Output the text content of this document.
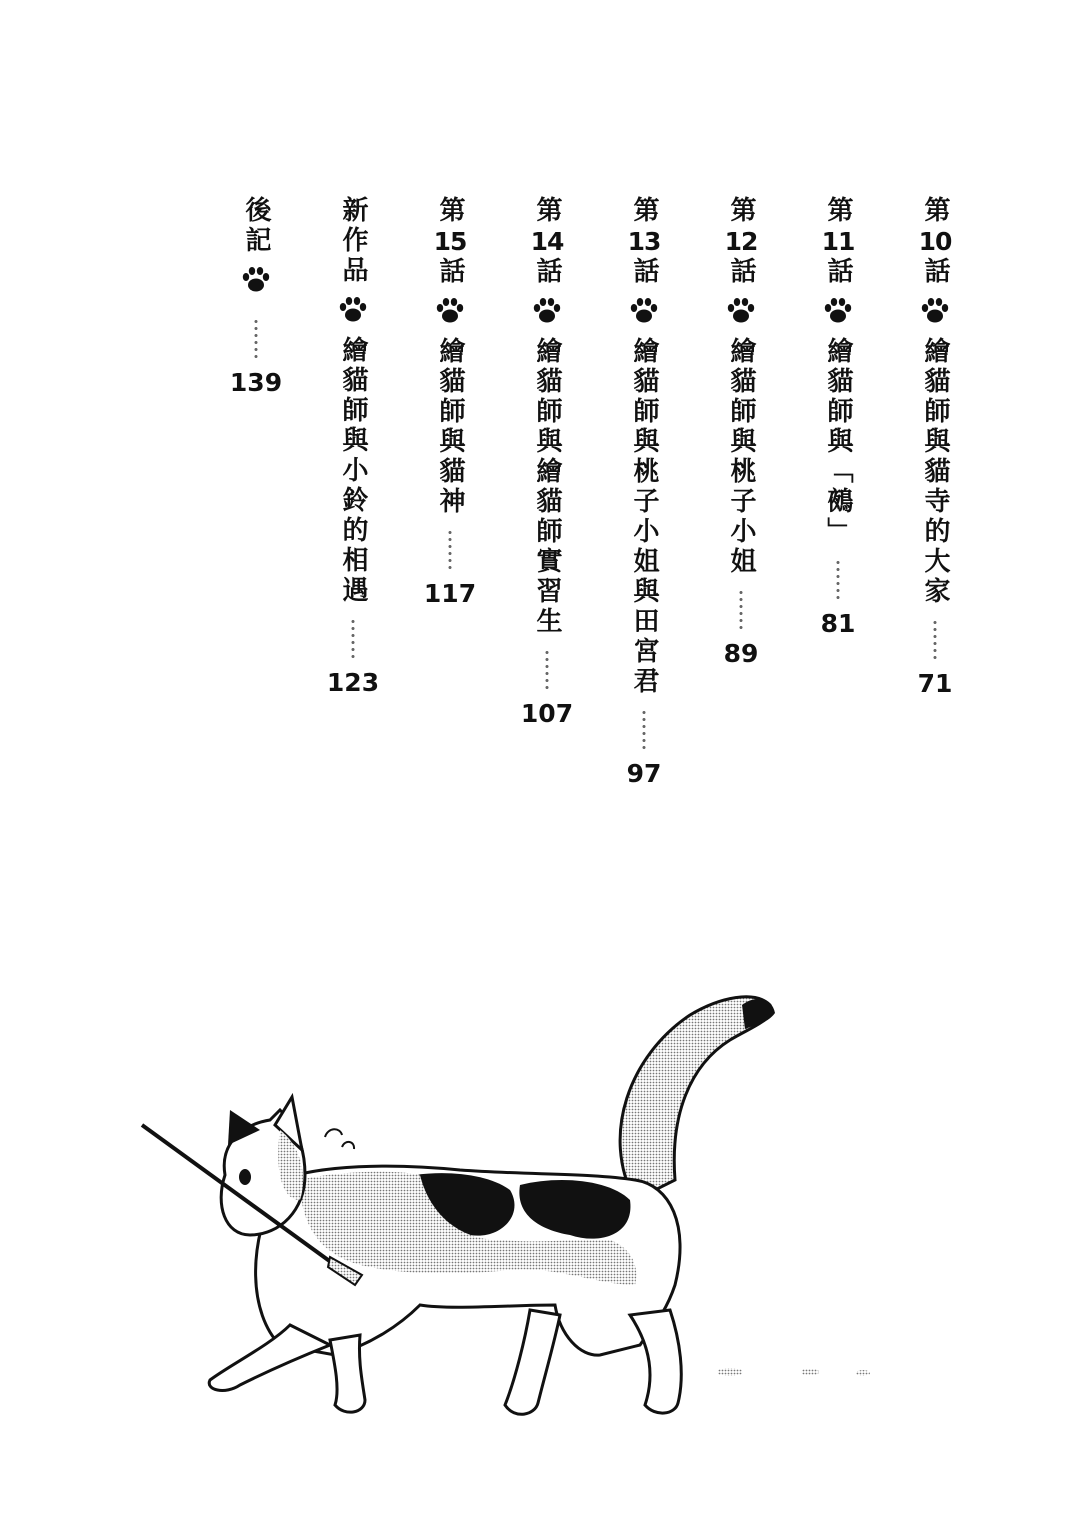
第10話
繪貓師與貓寺的大家
71
第11話
繪貓師與「鵺」
81
第12話
繪貓師與桃子小姐
89
第13話
繪貓師與桃子小姐與田宮君
97
第14話
繪貓師與繪貓師實習生
107
第15話
繪貓師與貓神
117
新作品
繪貓師與小鈴的相遇
123
後記
139
